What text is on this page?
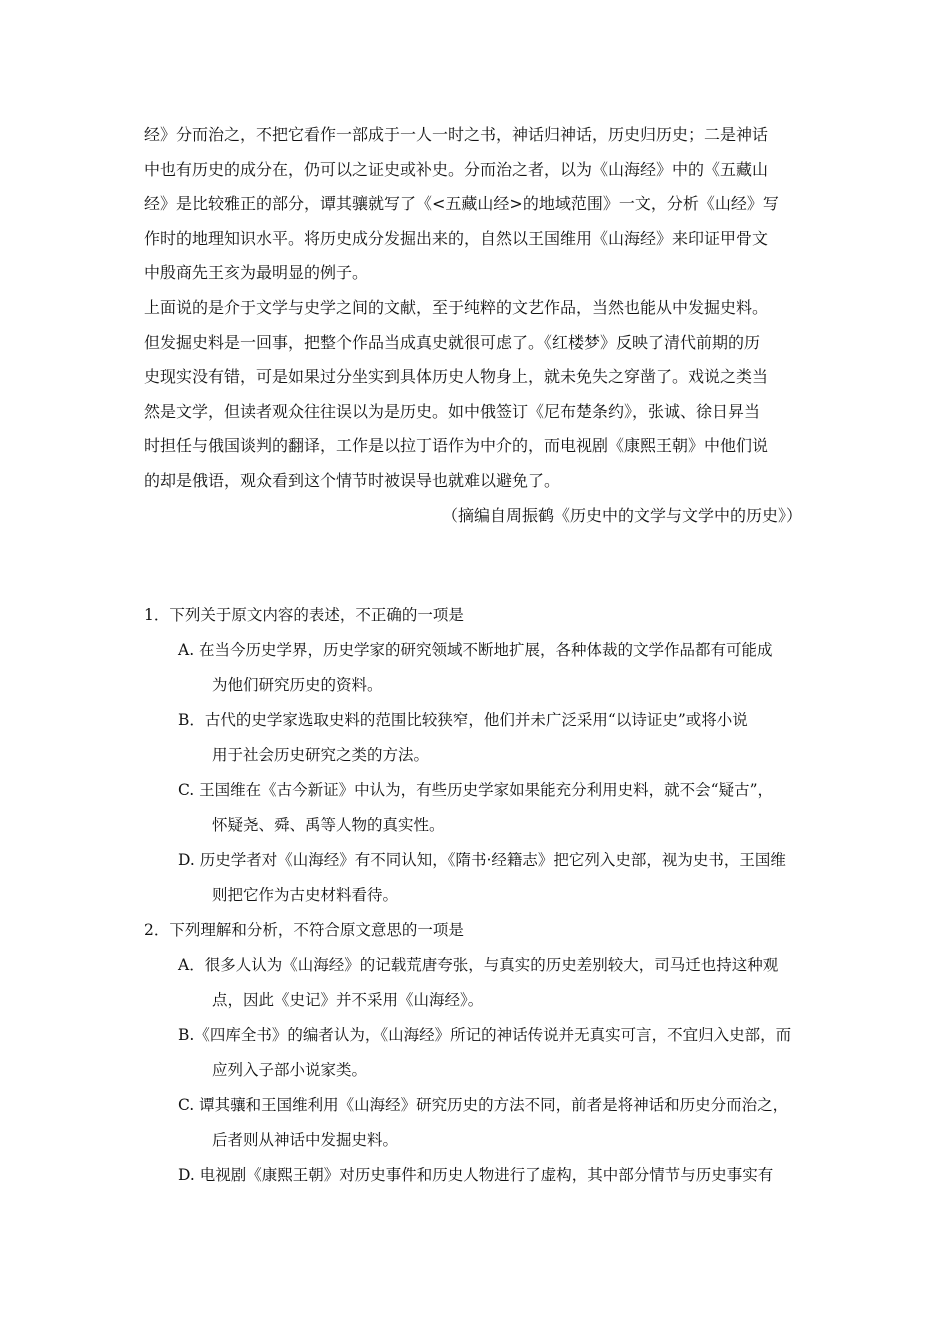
经》分而治之，不把它看作一部成于一人一时之书，神话归神话，历史归历史；二是神话

中也有历史的成分在，仍可以之证史或补史。分而治之者，以为《山海经》中的《五藏山

经》是比较雅正的部分，谭其骧就写了《<五藏山经>的地域范围》一文，分析《山经》写

作时的地理知识水平。将历史成分发掘出来的，自然以王国维用《山海经》来印证甲骨文

中殷商先王亥为最明显的例子。

上面说的是介于文学与史学之间的文献，至于纯粹的文艺作品，当然也能从中发掘史料。

但发掘史料是一回事，把整个作品当成真史就很可虑了。《红楼梦》反映了清代前期的历

史现实没有错，可是如果过分坐实到具体历史人物身上，就未免失之穿凿了。戏说之类当

然是文学，但读者观众往往误以为是历史。如中俄签订《尼布楚条约》，张诚、徐日昇当

时担任与俄国谈判的翻译，工作是以拉丁语作为中介的，而电视剧《康熙王朝》中他们说

的却是俄语，观众看到这个情节时被误导也就难以避免了。

（摘编自周振鹤《历史中的文学与文学中的历史》）

1．下列关于原文内容的表述，不正确的一项是

A. 在当今历史学界，历史学家的研究领域不断地扩展，各种体裁的文学作品都有可能成
为他们研究历史的资料。
B．古代的史学家选取史料的范围比较狭窄，他们并未广泛采用“以诗证史”或将小说
用于社会历史研究之类的方法。
C. 王国维在《古今新证》中认为，有些历史学家如果能充分利用史料，就不会“疑古”，
怀疑尧、舜、禹等人物的真实性。
D. 历史学者对《山海经》有不同认知，《隋书·经籍志》把它列入史部，视为史书，王国维
则把它作为古史材料看待。

2．下列理解和分析，不符合原文意思的一项是

A．很多人认为《山海经》的记载荒唐夸张，与真实的历史差别较大，司马迁也持这种观
点，因此《史记》并不采用《山海经》。
B.《四库全书》的编者认为，《山海经》所记的神话传说并无真实可言，不宜归入史部，而
应列入子部小说家类。
C. 谭其骧和王国维利用《山海经》研究历史的方法不同，前者是将神话和历史分而治之，
后者则从神话中发掘史料。
D. 电视剧《康熙王朝》对历史事件和历史人物进行了虚构，其中部分情节与历史事实有
